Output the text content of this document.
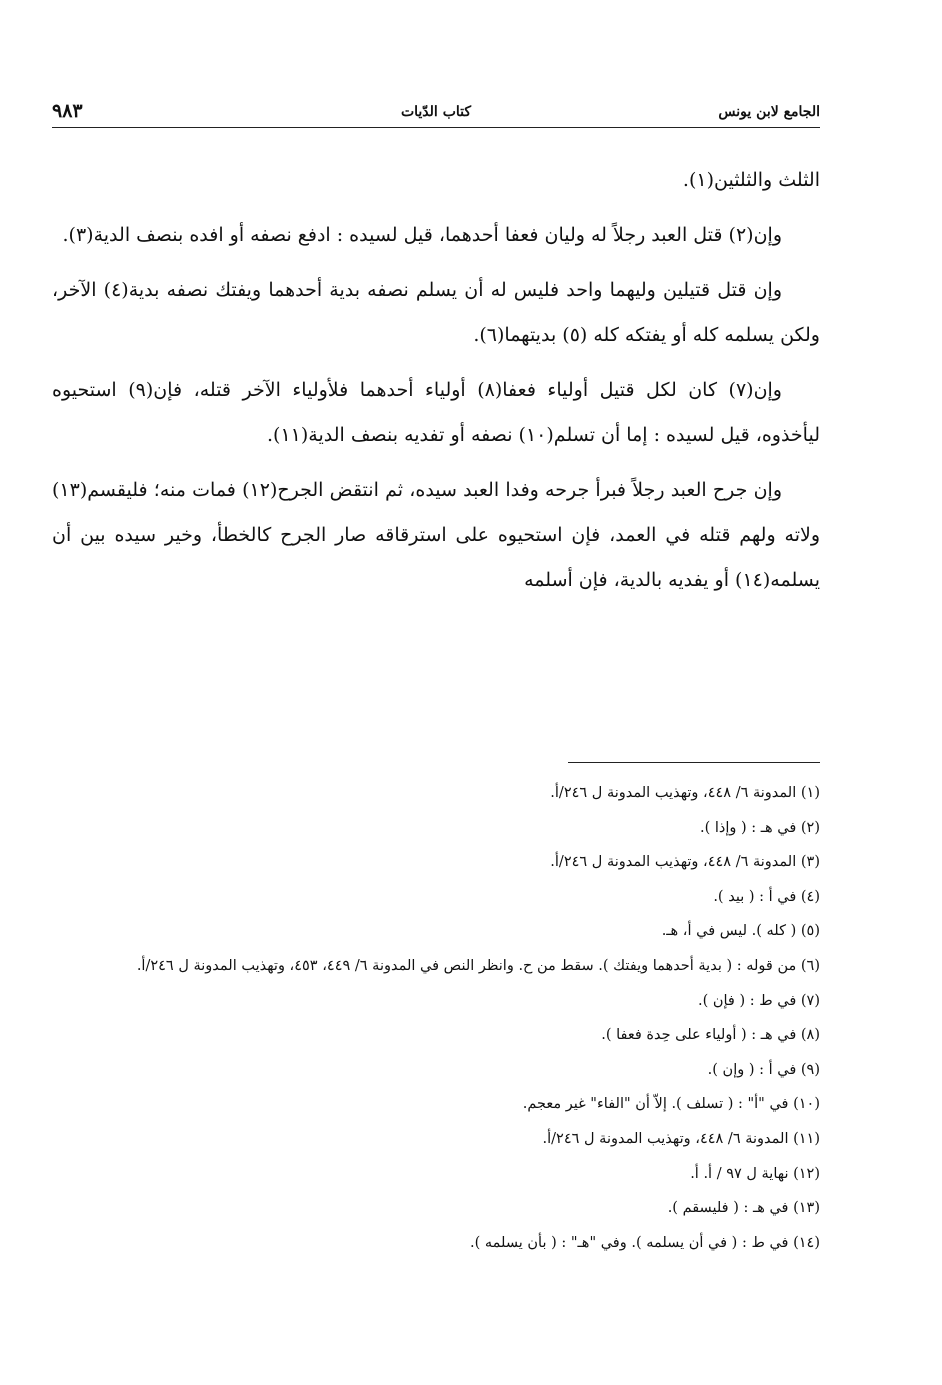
الجامع لابن يونس
كتاب الدّيات
٩٨٣

الثلث والثلثين(١).

وإن(٢) قتل العبد رجلاً له وليان فعفا أحدهما، قيل لسيده : ادفع نصفه أو افده بنصف الدية(٣).

وإن قتل قتيلين وليهما واحد فليس له أن يسلم نصفه بدية أحدهما ويفتك نصفه بدية(٤) الآخر، ولكن يسلمه كله أو يفتكه كله (٥) بديتهما(٦).

وإن(٧) كان لكل قتيل أولياء فعفا(٨) أولياء أحدهما فلأولياء الآخر قتله، فإن(٩) استحيوه ليأخذوه، قيل لسيده : إما أن تسلم(١٠) نصفه أو تفديه بنصف الدية(١١).

وإن جرح العبد رجلاً فبرأ جرحه وفدا العبد سيده، ثم انتقض الجرح(١٢) فمات منه؛ فليقسم(١٣) ولاته ولهم قتله في العمد، فإن استحيوه على استرقاقه صار الجرح كالخطأ، وخير سيده بين أن يسلمه(١٤) أو يفديه بالدية، فإن أسلمه

(١) المدونة ٦/ ٤٤٨، وتهذيب المدونة ل ٢٤٦/أ.
(٢) في هـ : ( وإذا ).
(٣) المدونة ٦/ ٤٤٨، وتهذيب المدونة ل ٢٤٦/أ.
(٤) في أ : ( بيد ).
(٥) ( كله ). ليس في أ، هـ.
(٦) من قوله : ( بدية أحدهما ويفتك ). سقط من ح. وانظر النص في المدونة ٦/ ٤٤٩، ٤٥٣، وتهذيب المدونة ل ٢٤٦/أ.
(٧) في ط : ( فإن ).
(٨) في هـ : ( أولياء على حِدة فعفا ).
(٩) في أ : ( وإن ).
(١٠) في "أ" : ( تسلف ). إلاّ أن "الفاء" غير معجم.
(١١) المدونة ٦/ ٤٤٨، وتهذيب المدونة ل ٢٤٦/أ.
(١٢) نهاية ل ٩٧ / أ. أ.
(١٣) في هـ : ( فليسقم ).
(١٤) في ط : ( في أن يسلمه ). وفي "هـ" : ( بأن يسلمه ).
